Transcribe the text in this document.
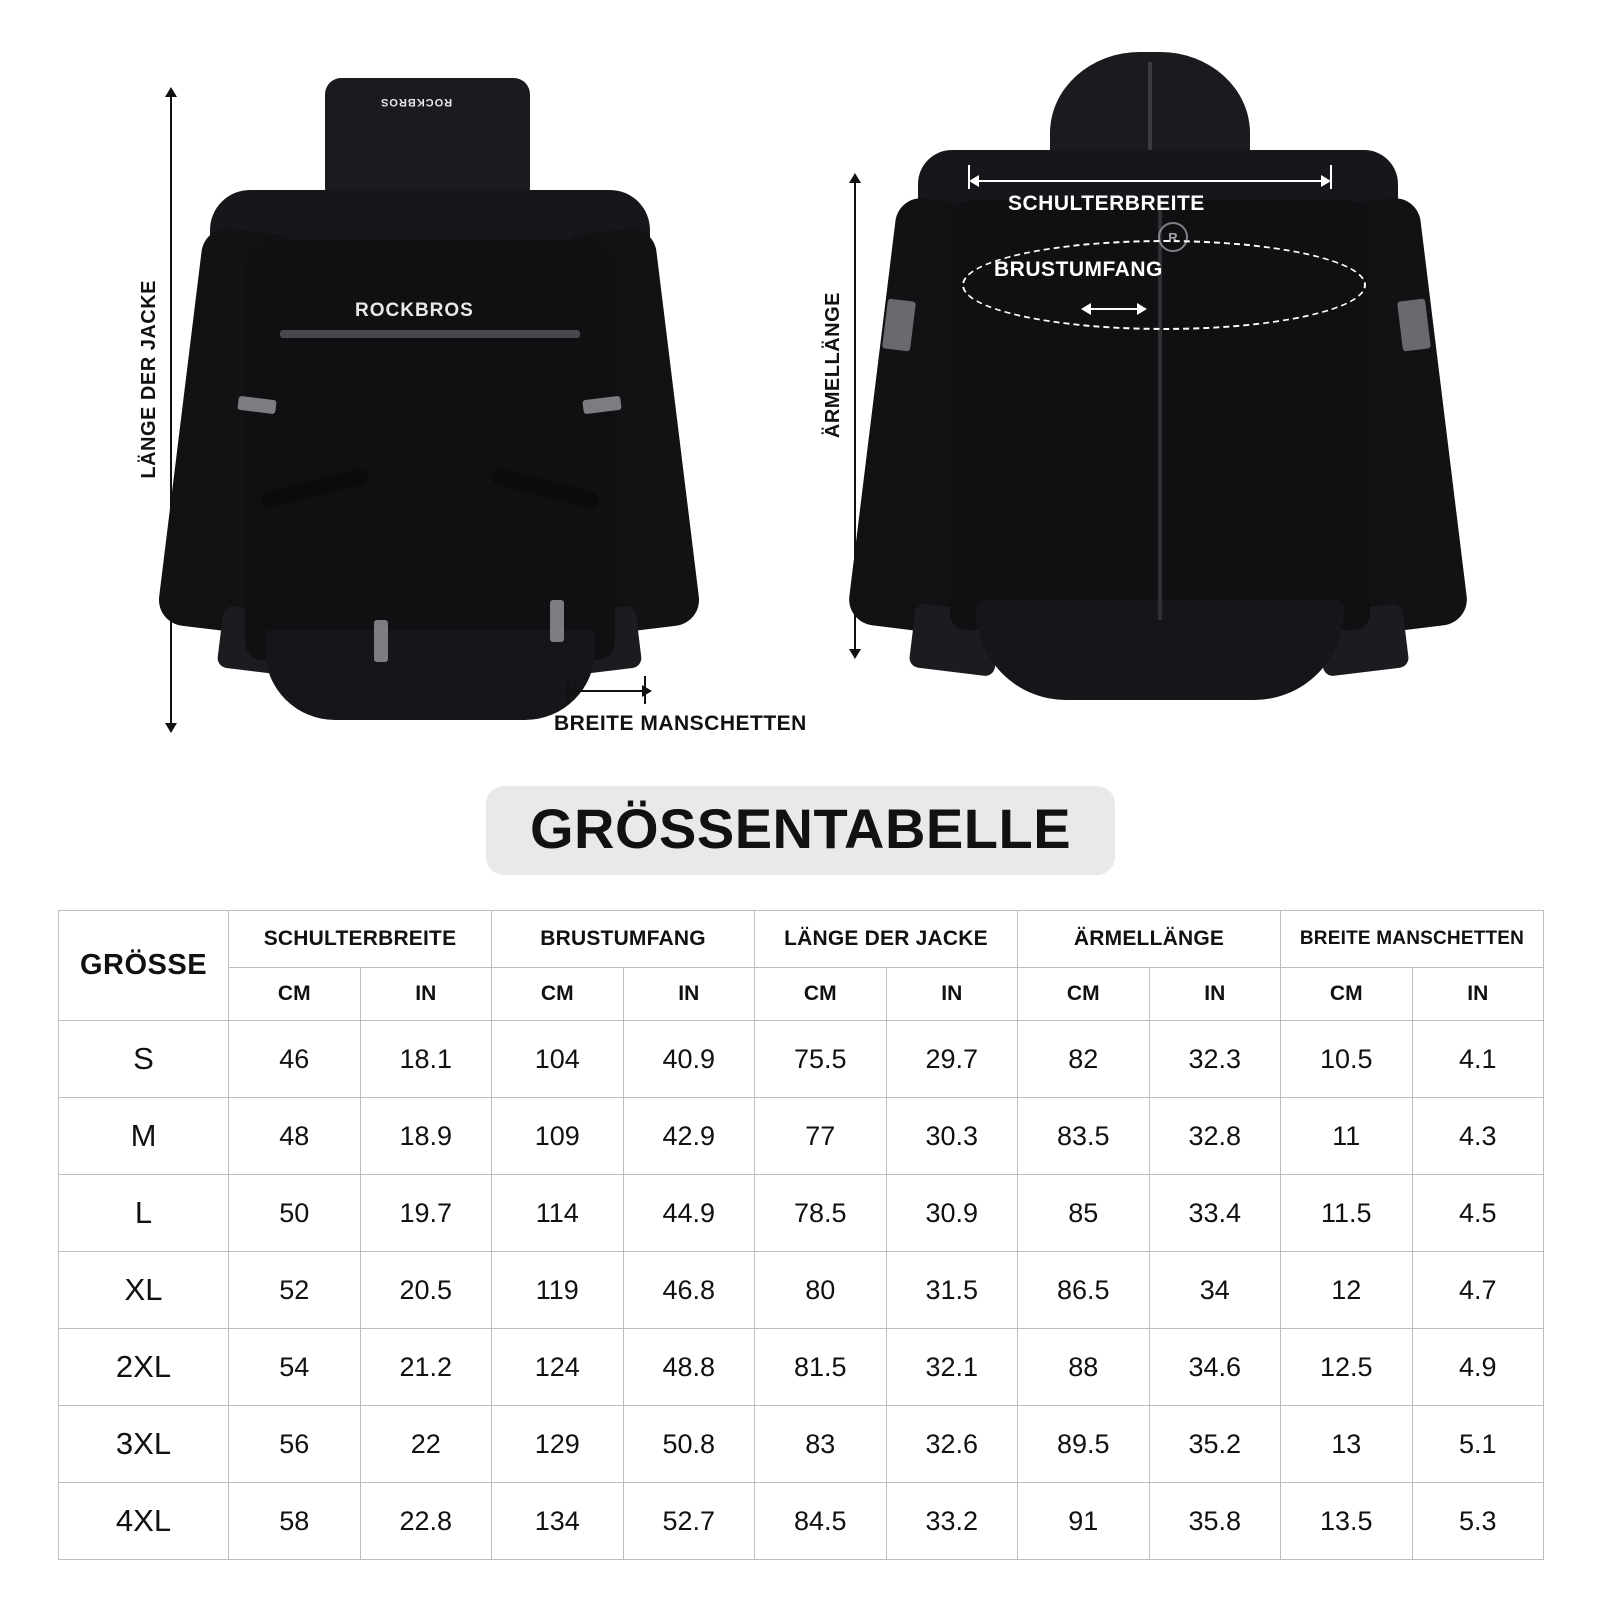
ROCKBROS
ROCKBROS
LÄNGE DER JACKE
BREITE MANSCHETTEN
R
SCHULTERBREITE
BRUSTUMFANG
ÄRMELLÄNGE
GRÖSSENTABELLE
GRÖSSE	SCHULTERBREITE		BRUSTUMFANG		LÄNGE DER JACKE		ÄRMELLÄNGE		BREITE MANSCHETTEN	
	CM	IN	CM	IN	CM	IN	CM	IN	CM	IN
S	46	18.1	104	40.9	75.5	29.7	82	32.3	10.5	4.1
M	48	18.9	109	42.9	77	30.3	83.5	32.8	11	4.3
L	50	19.7	114	44.9	78.5	30.9	85	33.4	11.5	4.5
XL	52	20.5	119	46.8	80	31.5	86.5	34	12	4.7
2XL	54	21.2	124	48.8	81.5	32.1	88	34.6	12.5	4.9
3XL	56	22	129	50.8	83	32.6	89.5	35.2	13	5.1
4XL	58	22.8	134	52.7	84.5	33.2	91	35.8	13.5	5.3
